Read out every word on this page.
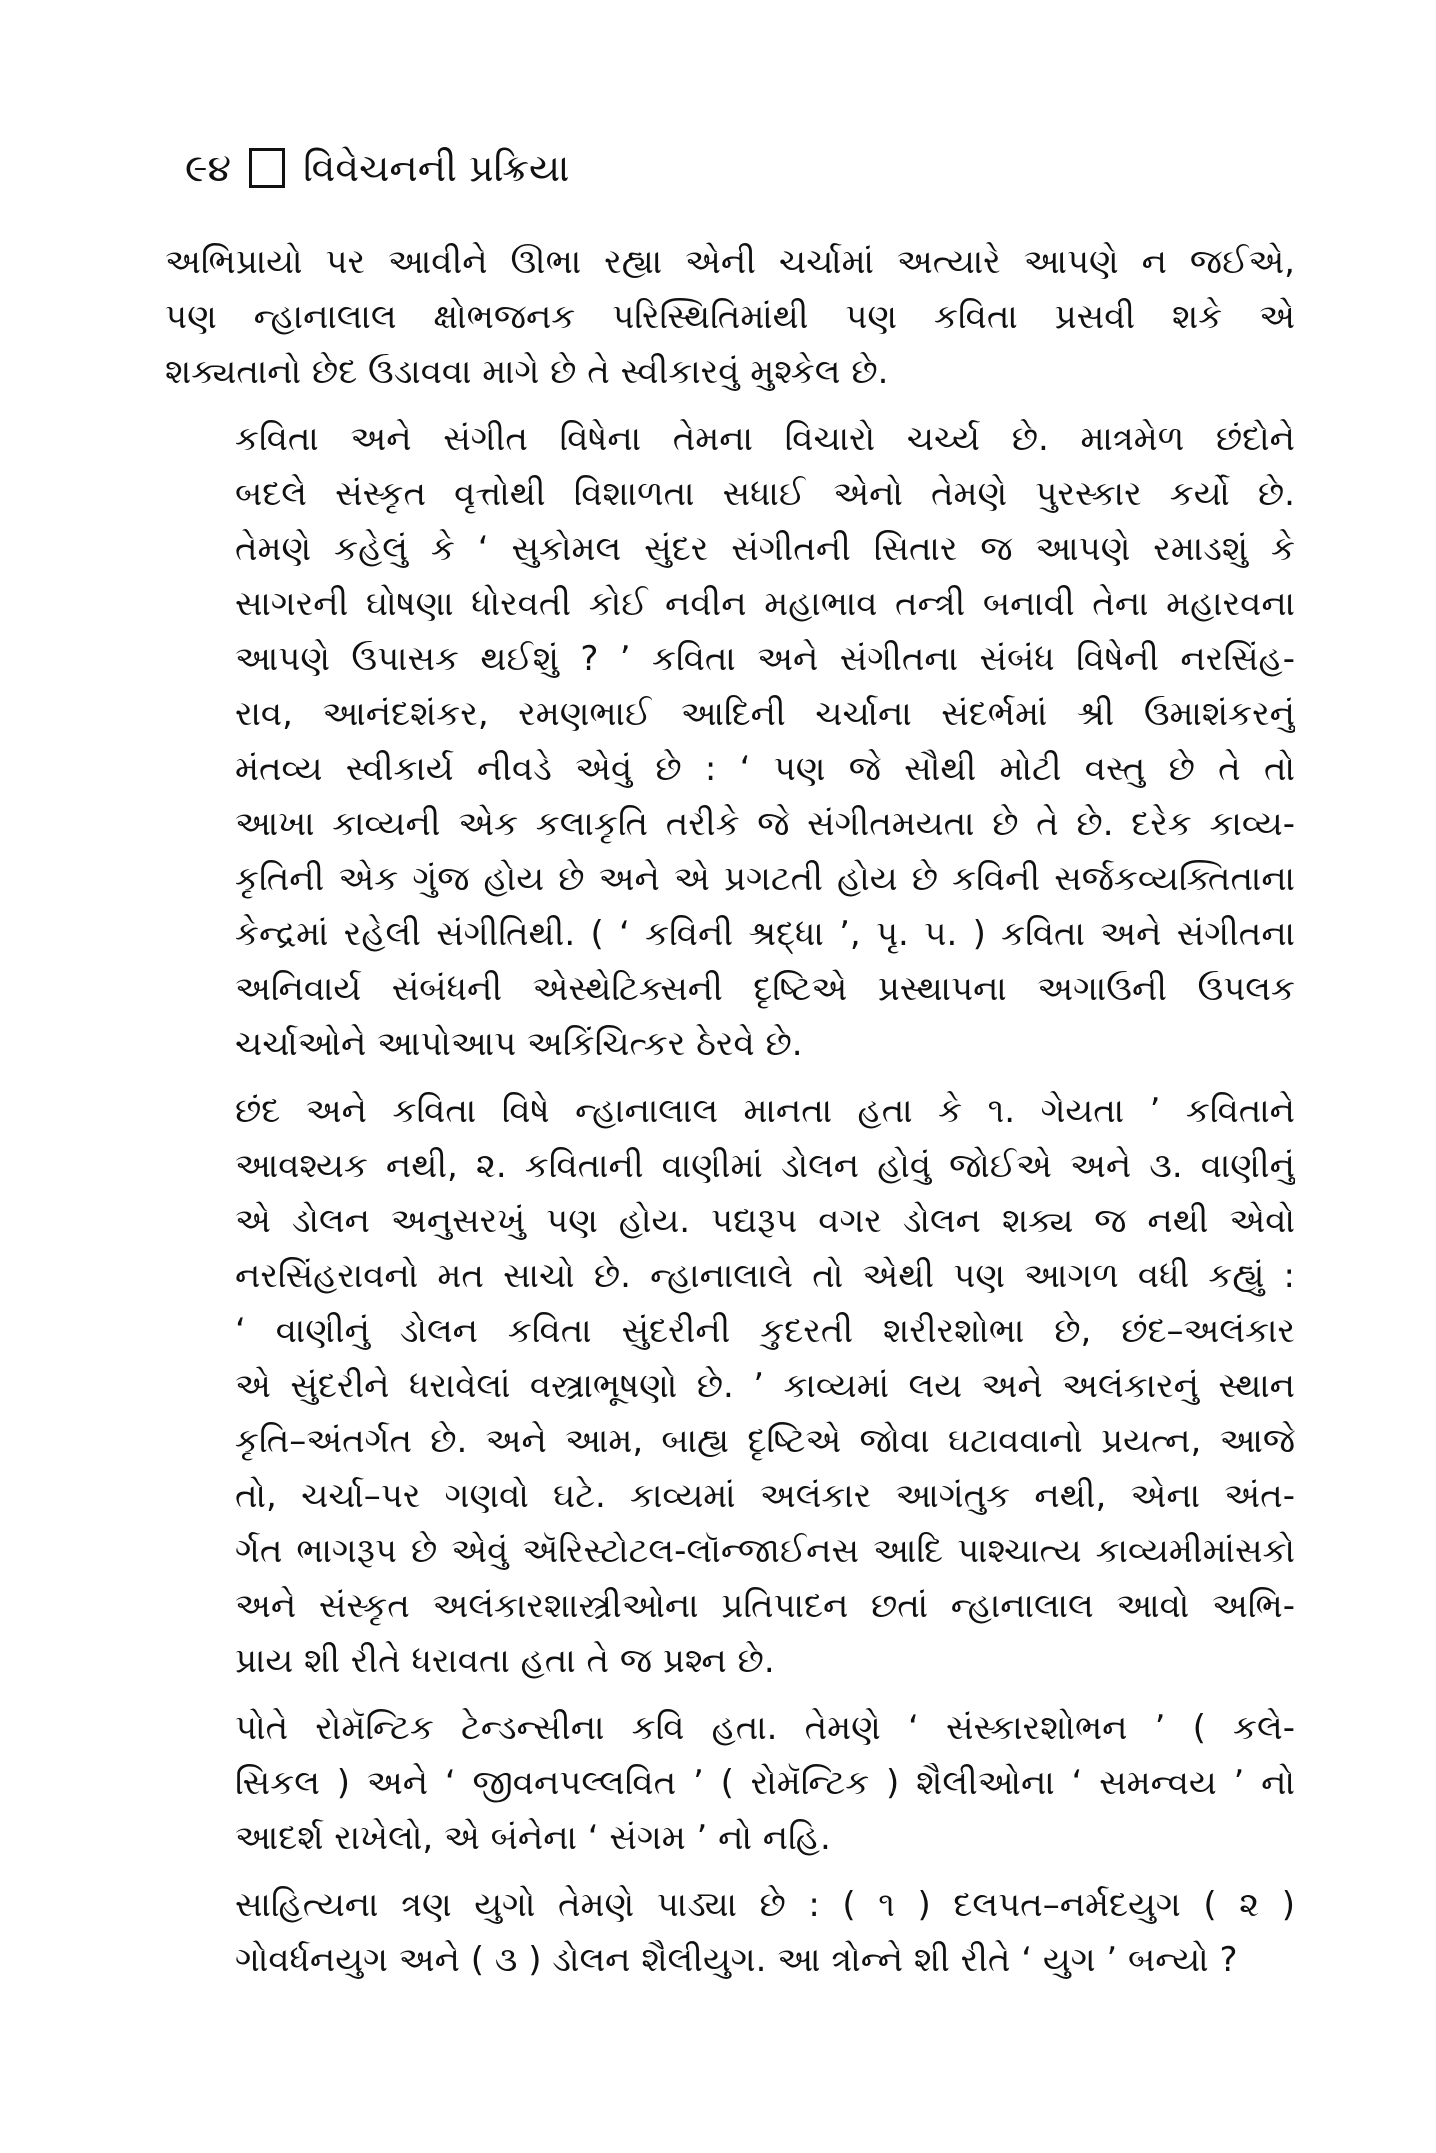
૯૪ વિવેચનની પ્રક્રિયા

અભિપ્રાયો પર આવીને ઊભા રહ્યા એની ચર્ચામાં અત્યારે આપણે ન જઈએ,
પણ ન્હાનાલાલ ક્ષોભજનક પરિસ્થિતિમાંથી પણ કવિતા પ્રસવી શકે એ
શક્યતાનો છેદ ઉડાવવા માગે છે તે સ્વીકારવું મુશ્કેલ છે.

કવિતા અને સંગીત વિષેના તેમના વિચારો ચર્ચ્ય છે. માત્રમેળ છંદોને
બદલે સંસ્કૃત વૃત્તોથી વિશાળતા સધાઈ એનો તેમણે પુરસ્કાર કર્યો છે.
તેમણે કહેલું કે ‘ સુકોમલ સુંદર સંગીતની સિતાર જ આપણે રમાડશું કે
સાગરની ઘોષણા ધોરવતી કોઈ નવીન મહાભાવ તન્ત્રી બનાવી તેના મહારવના
આપણે ઉપાસક થઈશું ? ’ કવિતા અને સંગીતના સંબંધ વિષેની નરસિંહ-
રાવ, આનંદશંકર, રમણભાઈ આદિની ચર્ચાના સંદર્ભમાં શ્રી ઉમાશંકરનું
મંતવ્ય સ્વીકાર્ય નીવડે એવું છે : ‘ પણ જે સૌથી મોટી વસ્તુ છે તે તો
આખા કાવ્યની એક કલાકૃતિ તરીકે જે સંગીતમયતા છે તે છે. દરેક કાવ્ય-
કૃતિની એક ગુંજ હોય છે અને એ પ્રગટતી હોય છે કવિની સર્જકવ્યક્તિતાના
કેન્દ્રમાં રહેલી સંગીતિથી. ( ‘ કવિની શ્રદ્ધા ’, પૃ. ૫. ) કવિતા અને સંગીતના
અનિવાર્ય સંબંધની એસ્થેટિક્સની દૃષ્ટિએ પ્રસ્થાપના અગાઉની ઉપલક
ચર્ચાઓને આપોઆપ અકિંચિત્કર ઠેરવે છે.

છંદ અને કવિતા વિષે ન્હાનાલાલ માનતા હતા કે ૧. ગેયતા ’ કવિતાને
આવશ્યક નથી, ૨. કવિતાની વાણીમાં ડોલન હોવું જોઈએ અને ૩. વાણીનું
એ ડોલન અનુસરખું પણ હોય. પદ્યરૂપ વગર ડોલન શક્ય જ નથી એવો
નરસિંહરાવનો મત સાચો છે. ન્હાનાલાલે તો એથી પણ આગળ વધી કહ્યું :
‘ વાણીનું ડોલન કવિતા સુંદરીની કુદરતી શરીરશોભા છે, છંદ–અલંકાર
એ સુંદરીને ધરાવેલાં વસ્ત્રાભૂષણો છે. ’ કાવ્યમાં લય અને અલંકારનું સ્થાન
કૃતિ–અંતર્ગત છે. અને આમ, બાહ્ય દૃષ્ટિએ જોવા ઘટાવવાનો પ્રયત્ન, આજે
તો, ચર્ચા–પર ગણવો ઘટે. કાવ્યમાં અલંકાર આગંતુક નથી, એના અંત-
ર્ગત ભાગરૂપ છે એવું ઍરિસ્ટોટલ-લૉન્જાઈનસ આદિ પાશ્ચાત્ય કાવ્યમીમાંસકો
અને સંસ્કૃત અલંકારશાસ્ત્રીઓના પ્રતિપાદન છતાં ન્હાનાલાલ આવો અભિ-
પ્રાય શી રીતે ધરાવતા હતા તે જ પ્રશ્ન છે.

પોતે રોમૅન્ટિક ટેન્ડન્સીના કવિ હતા. તેમણે ‘ સંસ્કારશોભન ’ ( કલે-
સિકલ ) અને ‘ જીવનપલ્લવિત ’ ( રોમૅન્ટિક ) શૈલીઓના ‘ સમન્વય ’ નો
આદર્શ રાખેલો, એ બંનેના ‘ સંગમ ’ નો નહિ.

સાહિત્યના ત્રણ યુગો તેમણે પાડ્યા છે : ( ૧ ) દલપત–નર્મદયુગ ( ૨ )
ગોવર્ધનયુગ અને ( ૩ ) ડોલન શૈલીયુગ. આ ત્રોન્ને શી રીતે ‘ યુગ ’ બન્યો ?
